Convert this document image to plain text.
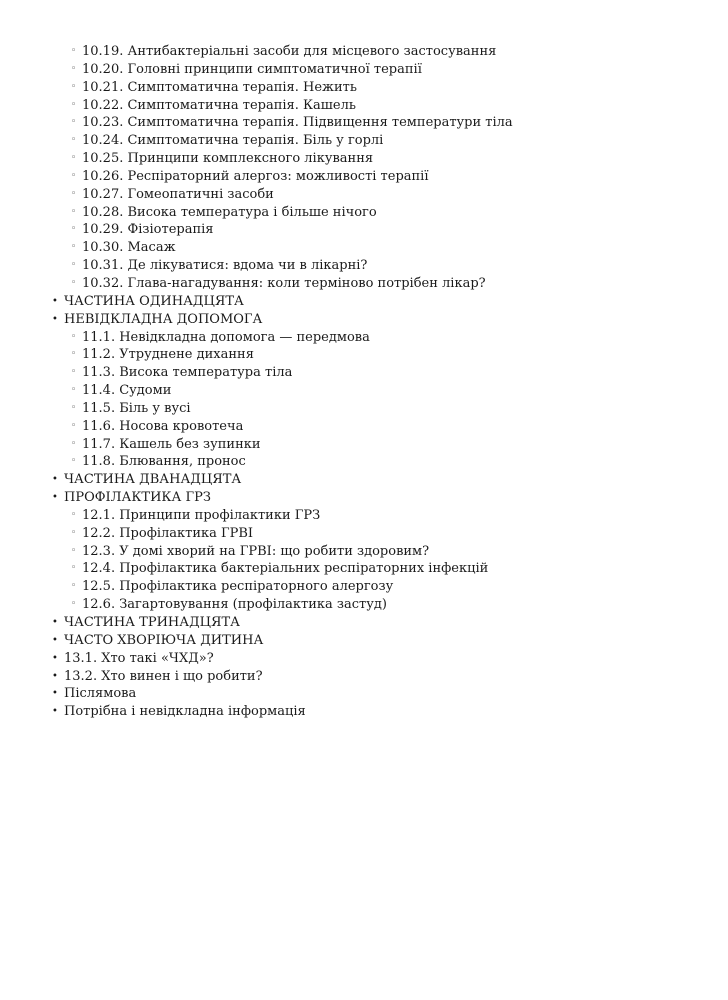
◦ 10.19. Антибактеріальні засоби для місцевого застосування
◦ 10.20. Головні принципи симптоматичної терапії
◦ 10.21. Симптоматична терапія. Нежить
◦ 10.22. Симптоматична терапія. Кашель
◦ 10.23. Симптоматична терапія. Підвищення температури тіла
◦ 10.24. Симптоматична терапія. Біль у горлі
◦ 10.25. Принципи комплексного лікування
◦ 10.26. Респіраторний алергоз: можливості терапії
◦ 10.27. Гомеопатичні засоби
◦ 10.28. Висока температура і більше нічого
◦ 10.29. Фізіотерапія
◦ 10.30. Масаж
◦ 10.31. Де лікуватися: вдома чи в лікарні?
◦ 10.32. Глава-нагадування: коли терміново потрібен лікар?
• ЧАСТИНА ОДИНАДЦЯТА
• НЕВІДКЛАДНА ДОПОМОГА
◦ 11.1. Невідкладна допомога — передмова
◦ 11.2. Утруднене дихання
◦ 11.3. Висока температура тіла
◦ 11.4. Судоми
◦ 11.5. Біль у вусі
◦ 11.6. Носова кровотеча
◦ 11.7. Кашель без зупинки
◦ 11.8. Блювання, пронос
• ЧАСТИНА ДВАНАДЦЯТА
• ПРОФІЛАКТИКА ГРЗ
◦ 12.1. Принципи профілактики ГРЗ
◦ 12.2. Профілактика ГРВІ
◦ 12.3. У домі хворий на ГРВІ: що робити здоровим?
◦ 12.4. Профілактика бактеріальних респіраторних інфекцій
◦ 12.5. Профілактика респіраторного алергозу
◦ 12.6. Загартовування (профілактика застуд)
• ЧАСТИНА ТРИНАДЦЯТА
• ЧАСТО ХВОРІЮЧА ДИТИНА
• 13.1. Хто такі «ЧХД»?
• 13.2. Хто винен і що робити?
• Післямова
• Потрібна і невідкладна інформація
